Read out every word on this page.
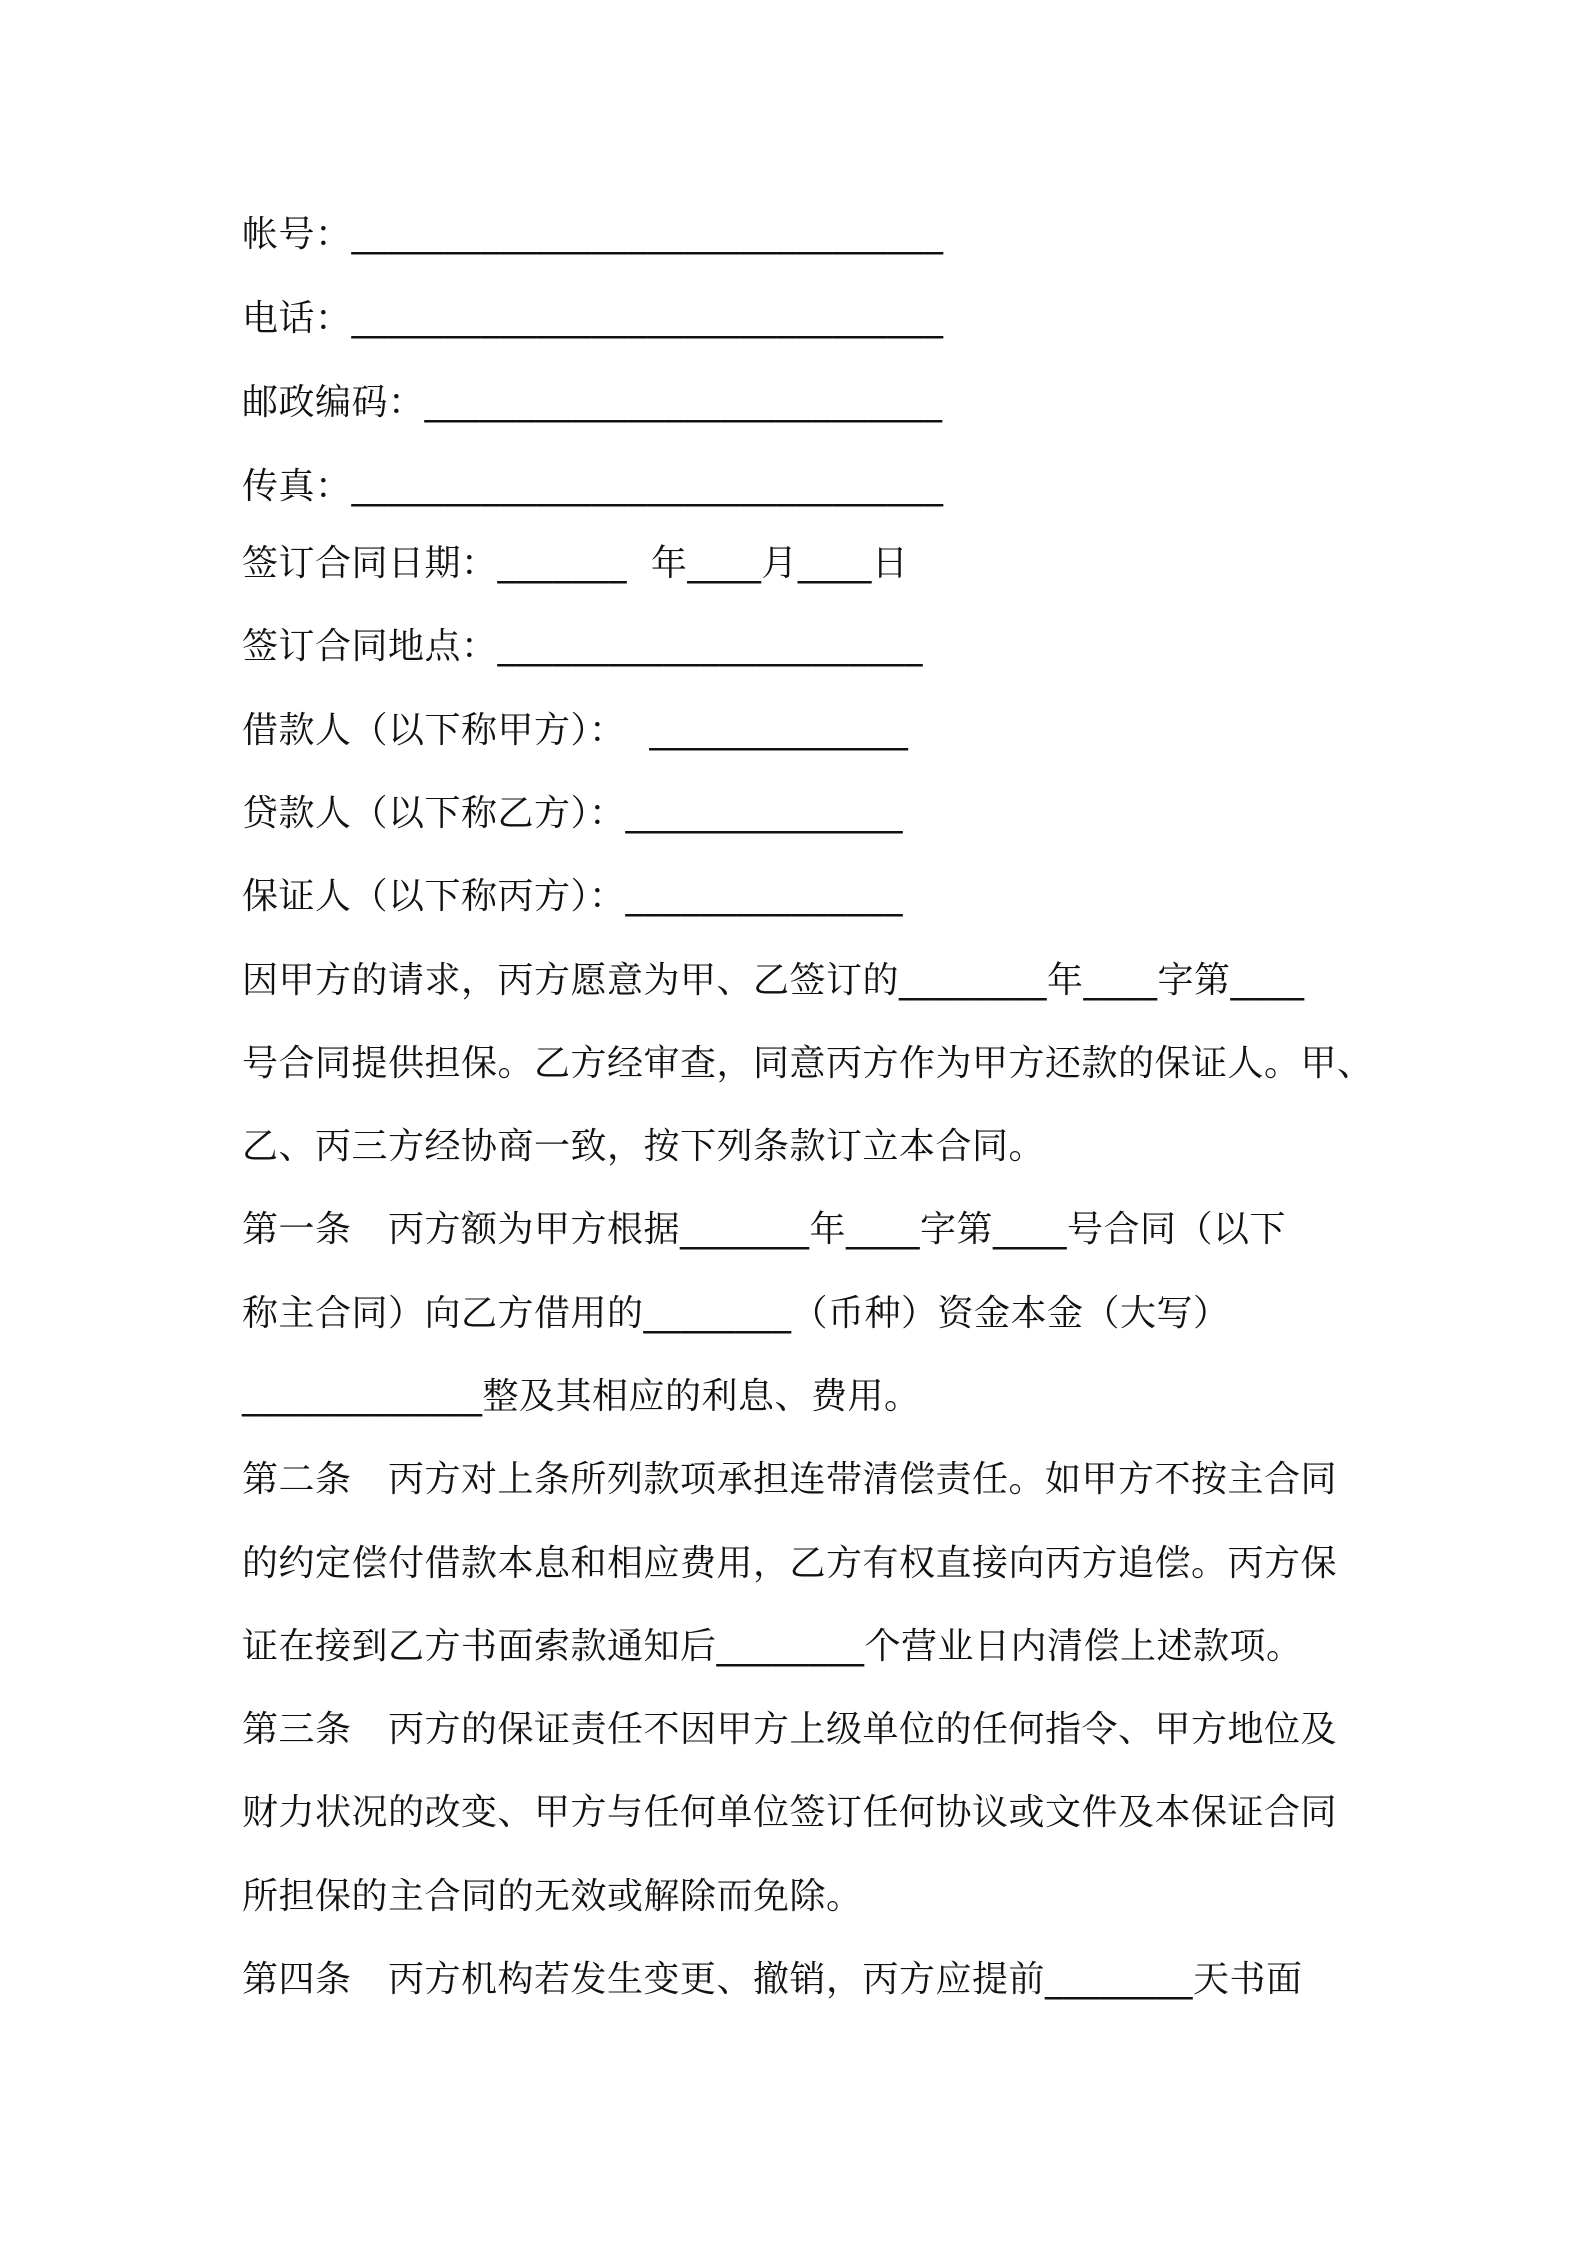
帐号：________________________________
电话：________________________________
邮政编码：____________________________
传真：________________________________
签订合同日期：_______  年____月____日
签订合同地点：_______________________
借款人（以下称甲方）：  ______________
贷款人（以下称乙方）：_______________
保证人（以下称丙方）：_______________
因甲方的请求，丙方愿意为甲、乙签订的________年____字第____
号合同提供担保。乙方经审查，同意丙方作为甲方还款的保证人。甲、
乙、丙三方经协商一致，按下列条款订立本合同。
第一条　丙方额为甲方根据_______年____字第____号合同（以下
称主合同）向乙方借用的________（币种）资金本金（大写）
_____________整及其相应的利息、费用。
第二条　丙方对上条所列款项承担连带清偿责任。如甲方不按主合同
的约定偿付借款本息和相应费用，乙方有权直接向丙方追偿。丙方保
证在接到乙方书面索款通知后________个营业日内清偿上述款项。
第三条　丙方的保证责任不因甲方上级单位的任何指令、甲方地位及
财力状况的改变、甲方与任何单位签订任何协议或文件及本保证合同
所担保的主合同的无效或解除而免除。
第四条　丙方机构若发生变更、撤销，丙方应提前________天书面
